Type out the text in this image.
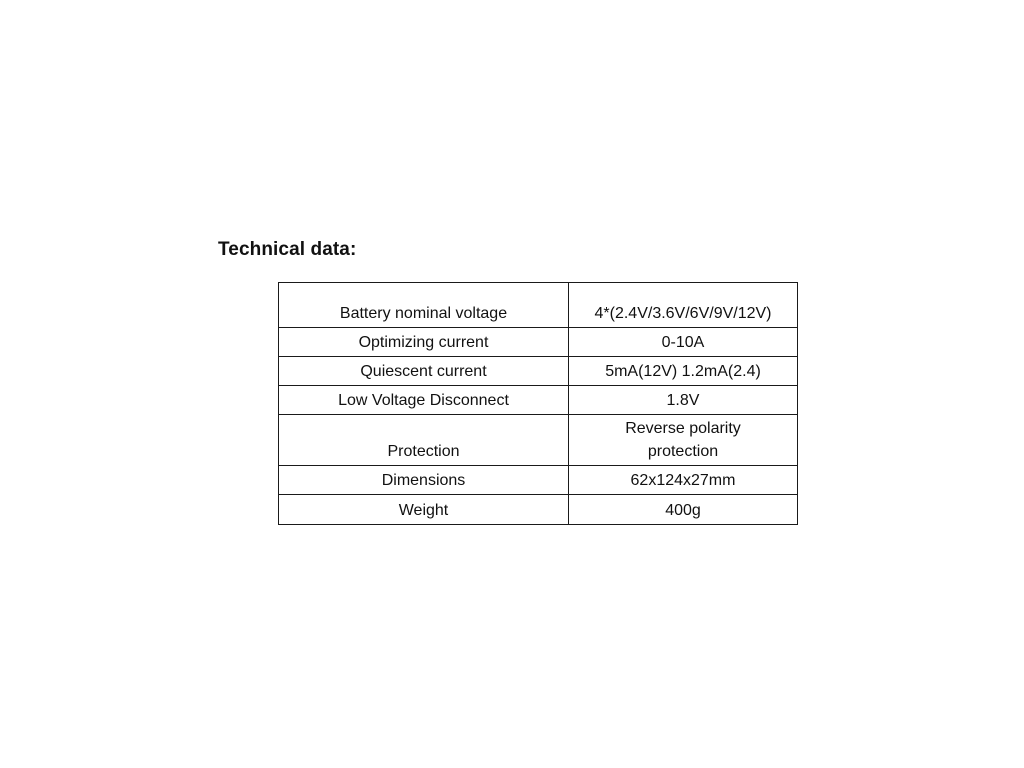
Technical data:
Battery nominal voltage	4*(2.4V/3.6V/6V/9V/12V)
Optimizing current	0-10A
Quiescent current	5mA(12V) 1.2mA(2.4)
Low Voltage Disconnect	1.8V
Protection	Reverse polarity protection
Dimensions	62x124x27mm
Weight	400g
